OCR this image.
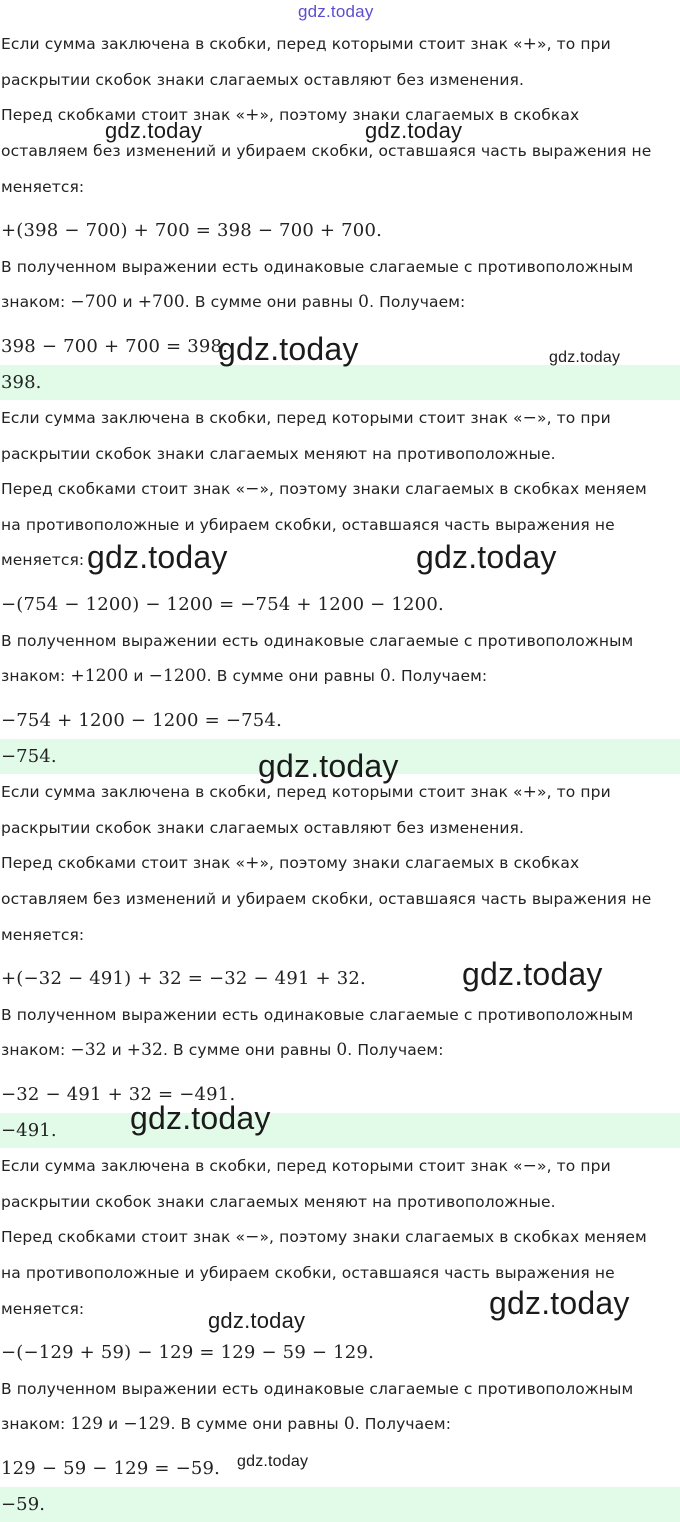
Если сумма заключена в скобки, перед которыми стоит знак «+», то при
раскрытии скобок знаки слагаемых оставляют без изменения.
Перед скобками стоит знак «+», поэтому знаки слагаемых в скобках
оставляем без изменений и убираем скобки, оставшаяся часть выражения не
меняется:
+(398 − 700) + 700 = 398 − 700 + 700.
В полученном выражении есть одинаковые слагаемые с противоположным
знаком: −700 и +700. В сумме они равны 0. Получаем:
398 − 700 + 700 = 398.
398.
Если сумма заключена в скобки, перед которыми стоит знак «−», то при
раскрытии скобок знаки слагаемых меняют на противоположные.
Перед скобками стоит знак «−», поэтому знаки слагаемых в скобках меняем
на противоположные и убираем скобки, оставшаяся часть выражения не
меняется:
−(754 − 1200) − 1200 = −754 + 1200 − 1200.
В полученном выражении есть одинаковые слагаемые с противоположным
знаком: +1200 и −1200. В сумме они равны 0. Получаем:
−754 + 1200 − 1200 = −754.
−754.
Если сумма заключена в скобки, перед которыми стоит знак «+», то при
раскрытии скобок знаки слагаемых оставляют без изменения.
Перед скобками стоит знак «+», поэтому знаки слагаемых в скобках
оставляем без изменений и убираем скобки, оставшаяся часть выражения не
меняется:
+(−32 − 491) + 32 = −32 − 491 + 32.
В полученном выражении есть одинаковые слагаемые с противоположным
знаком: −32 и +32. В сумме они равны 0. Получаем:
−32 − 491 + 32 = −491.
−491.
Если сумма заключена в скобки, перед которыми стоит знак «−», то при
раскрытии скобок знаки слагаемых меняют на противоположные.
Перед скобками стоит знак «−», поэтому знаки слагаемых в скобках меняем
на противоположные и убираем скобки, оставшаяся часть выражения не
меняется:
−(−129 + 59) − 129 = 129 − 59 − 129.
В полученном выражении есть одинаковые слагаемые с противоположным
знаком: 129 и −129. В сумме они равны 0. Получаем:
129 − 59 − 129 = −59.
−59.
gdz.today
gdz.today	gdz.today
gdz.today	gdz.today
gdz.today	gdz.today
gdz.today
gdz.today
gdz.today
gdz.today
gdz.today
gdz.today
